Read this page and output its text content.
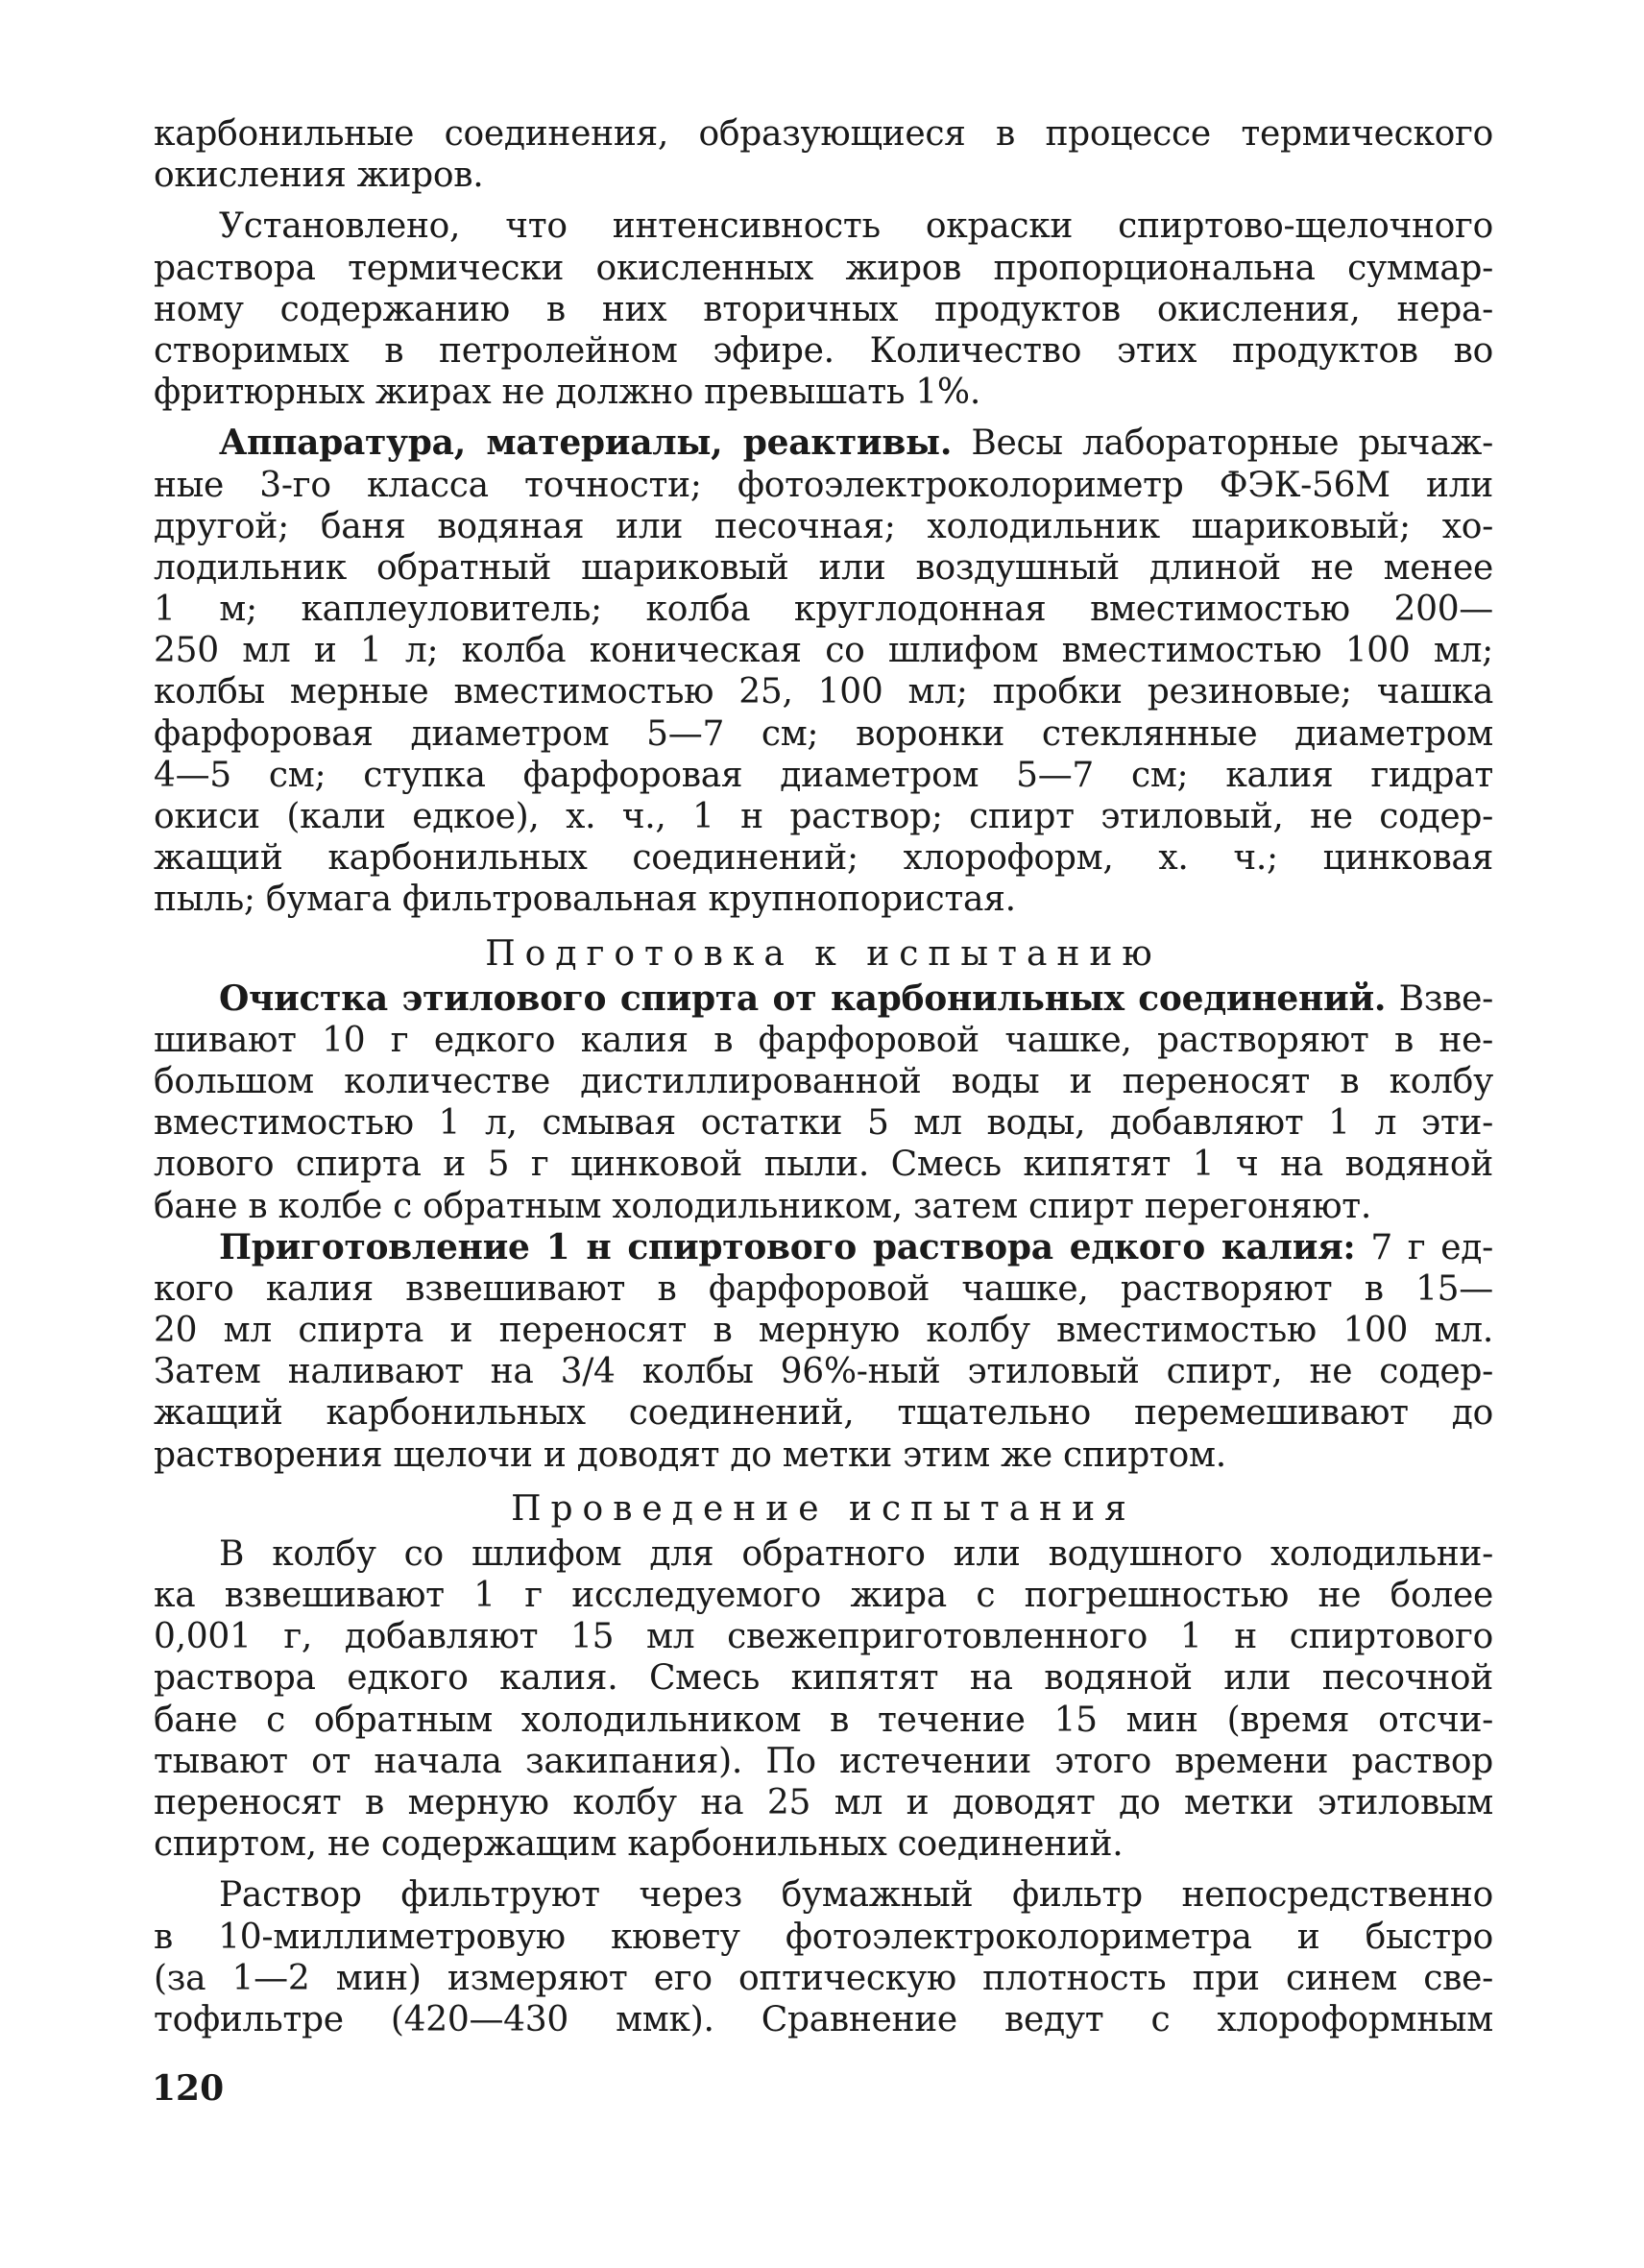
карбонильные соединения, образующиеся в процессе термического
окисления жиров.
Установлено, что интенсивность окраски спиртово-щелочного
раствора термически окисленных жиров пропорциональна суммар-
ному содержанию в них вторичных продуктов окисления, нера-
створимых в петролейном эфире. Количество этих продуктов во
фритюрных жирах не должно превышать 1%.
Аппаратура, материалы, реактивы. Весы лабораторные рычаж-
ные 3-го класса точности; фотоэлектроколориметр ФЭК-56М или
другой; баня водяная или песочная; холодильник шариковый; хо-
лодильник обратный шариковый или воздушный длиной не менее
1 м; каплеуловитель; колба круглодонная вместимостью 200—
250 мл и 1 л; колба коническая со шлифом вместимостью 100 мл;
колбы мерные вместимостью 25, 100 мл; пробки резиновые; чашка
фарфоровая диаметром 5—7 см; воронки стеклянные диаметром
4—5 см; ступка фарфоровая диаметром 5—7 см; калия гидрат
окиси (кали едкое), х. ч., 1 н раствор; спирт этиловый, не содер-
жащий карбонильных соединений; хлороформ, х. ч.; цинковая
пыль; бумага фильтровальная крупнопористая.
Подготовка к испытанию
Очистка этилового спирта от карбонильных соединений. Взве-
шивают 10 г едкого калия в фарфоровой чашке, растворяют в не-
большом количестве дистиллированной воды и переносят в колбу
вместимостью 1 л, смывая остатки 5 мл воды, добавляют 1 л эти-
лового спирта и 5 г цинковой пыли. Смесь кипятят 1 ч на водяной
бане в колбе с обратным холодильником, затем спирт перегоняют.
Приготовление 1 н спиртового раствора едкого калия: 7 г ед-
кого калия взвешивают в фарфоровой чашке, растворяют в 15—
20 мл спирта и переносят в мерную колбу вместимостью 100 мл.
Затем наливают на 3/4 колбы 96%-ный этиловый спирт, не содер-
жащий карбонильных соединений, тщательно перемешивают до
растворения щелочи и доводят до метки этим же спиртом.
Проведение испытания
В колбу со шлифом для обратного или водушного холодильни-
ка взвешивают 1 г исследуемого жира с погрешностью не более
0,001 г, добавляют 15 мл свежеприготовленного 1 н спиртового
раствора едкого калия. Смесь кипятят на водяной или песочной
бане с обратным холодильником в течение 15 мин (время отсчи-
тывают от начала закипания). По истечении этого времени раствор
переносят в мерную колбу на 25 мл и доводят до метки этиловым
спиртом, не содержащим карбонильных соединений.
Раствор фильтруют через бумажный фильтр непосредственно
в 10-миллиметровую кювету фотоэлектроколориметра и быстро
(за 1—2 мин) измеряют его оптическую плотность при синем све-
тофильтре (420—430 ммк). Сравнение ведут с хлороформным
120
